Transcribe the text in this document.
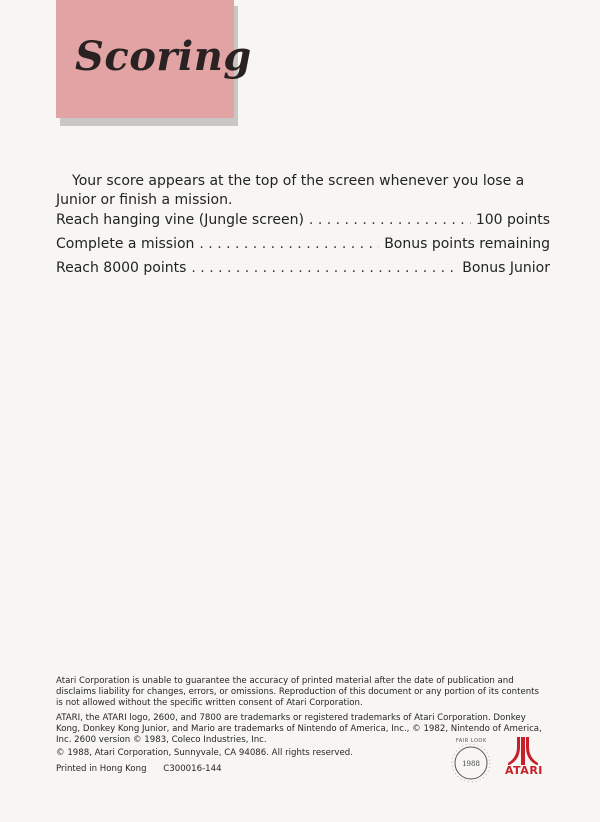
Scoring

Your score appears at the top of the screen whenever you lose a Junior or finish a mission.

Reach hanging vine (Jungle screen) . . .	100 points
Complete a mission . . .	Bonus points remaining
Reach 8000 points . . .	Bonus Junior
Atari Corporation is unable to guarantee the accuracy of printed material after the date of publication and disclaims liability for changes, errors, or omissions. Reproduction of this document or any portion of its contents is not allowed without the specific written consent of Atari Corporation.
ATARI, the ATARI logo, 2600, and 7800 are trademarks or registered trademarks of Atari Corporation. Donkey Kong, Donkey Kong Junior, and Mario are trademarks of Nintendo of America, Inc., © 1982, Nintendo of America, Inc. 2600 version © 1983, Coleco Industries, Inc.
© 1988, Atari Corporation, Sunnyvale, CA 94086. All rights reserved.
Printed in Hong Kong C300016-144
FAIR LOOK
1988 ATARI
